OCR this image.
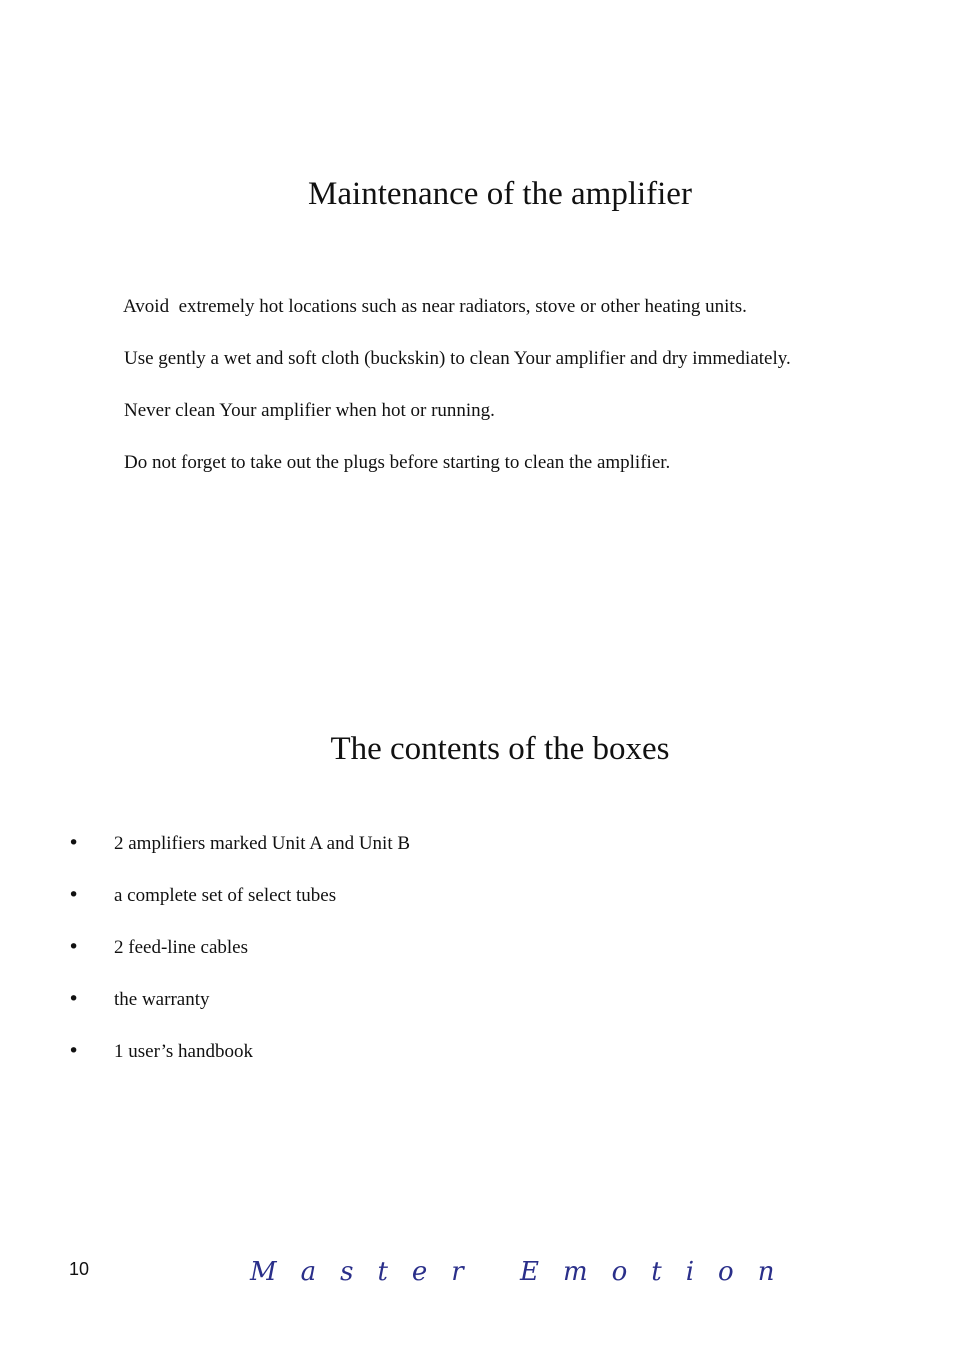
Maintenance of the amplifier

Avoid  extremely hot locations such as near radiators, stove or other heating units.

Use gently a wet and soft cloth (buckskin) to clean Your amplifier and dry immediately.

Never clean Your amplifier when hot or running.

Do not forget to take out the plugs before starting to clean the amplifier.

The contents of the boxes
• 2 amplifiers marked Unit A and Unit B
• a complete set of select tubes
• 2 feed-line cables
• the warranty
• 1 user’s handbook
10	Master Emotion
